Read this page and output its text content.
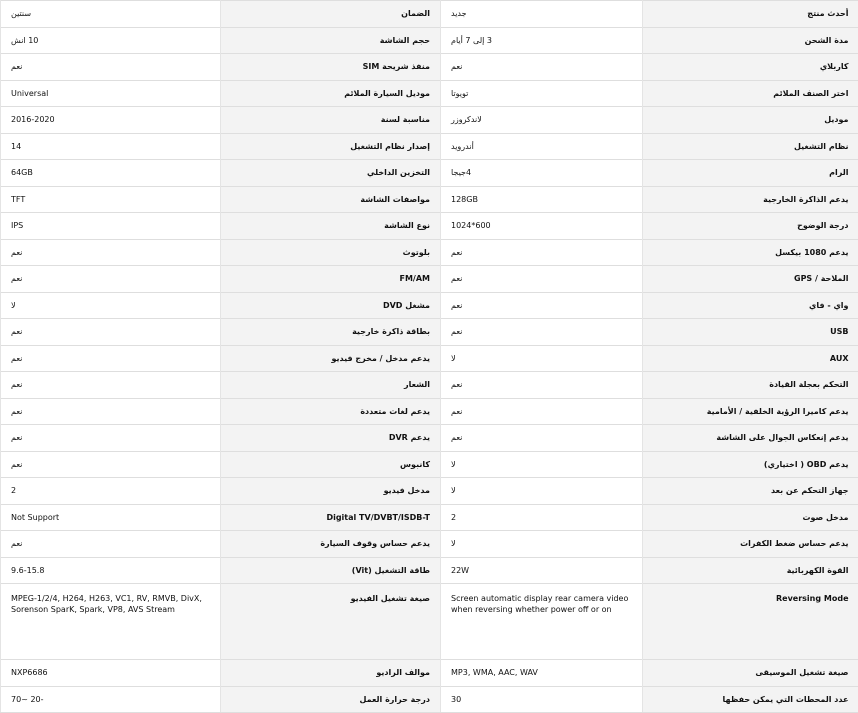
أحدث منتج	جديد	الضمان	سنتين
مدة الشحن	3 إلى 7 أيام	حجم الشاشة	10 انش
كاربلاي	نعم	منفذ شريحة SIM	نعم
اختر الصنف الملائم	تويوتا	موديل السيارة الملائم	Universal
موديل	لاندكروزر	مناسبة لسنة	2016-2020
نظام التشغيل	أندرويد	إصدار نظام التشغيل	14
الرام	4جيجا	التخزين الداخلي	64GB
يدعم الذاكرة الخارجية	128GB	مواصفات الشاشة	TFT
درجة الوضوح	600*1024	نوع الشاشة	IPS
يدعم 1080 بيكسل	نعم	بلوتوث	نعم
الملاحة / GPS	نعم	FM/AM	نعم
واي - فاي	نعم	مشغل DVD	لا
USB	نعم	بطاقة ذاكرة خارجية	نعم
AUX	لا	يدعم مدخل / مخرج فيديو	نعم
التحكم بعجلة القيادة	نعم	الشعار	نعم
يدعم كاميرا الرؤية الخلفية / الأمامية	نعم	يدعم لغات متعددة	نعم
يدعم إنعكاس الجوال على الشاشة	نعم	يدعم DVR	نعم
يدعم OBD ( اختياري)	لا	كانبوس	نعم
جهاز التحكم عن بعد	لا	مدخل فيديو	2
مدخل صوت	2	Digital TV/DVBT/ISDB-T	Not Support
يدعم حساس ضغط الكفرات	لا	يدعم حساس وقوف السيارة	نعم
القوة الكهربائية	22W	طاقة التشغيل (Vit)	9.6-15.8
Reversing Mode	Screen automatic display rear camera video when reversing whether power off or on	صيغة تشغيل الفيديو	MPEG-1/2/4, H264, H263, VC1, RV, RMVB, DivX, Sorenson SparK, Spark, VP8, AVS Stream
صيغة تشغيل الموسيقى	MP3, WMA, AAC, WAV	موالف الراديو	NXP6686
عدد المحطات التي يمكن حفظها	30	درجة حرارة العمل	-20 ~70
